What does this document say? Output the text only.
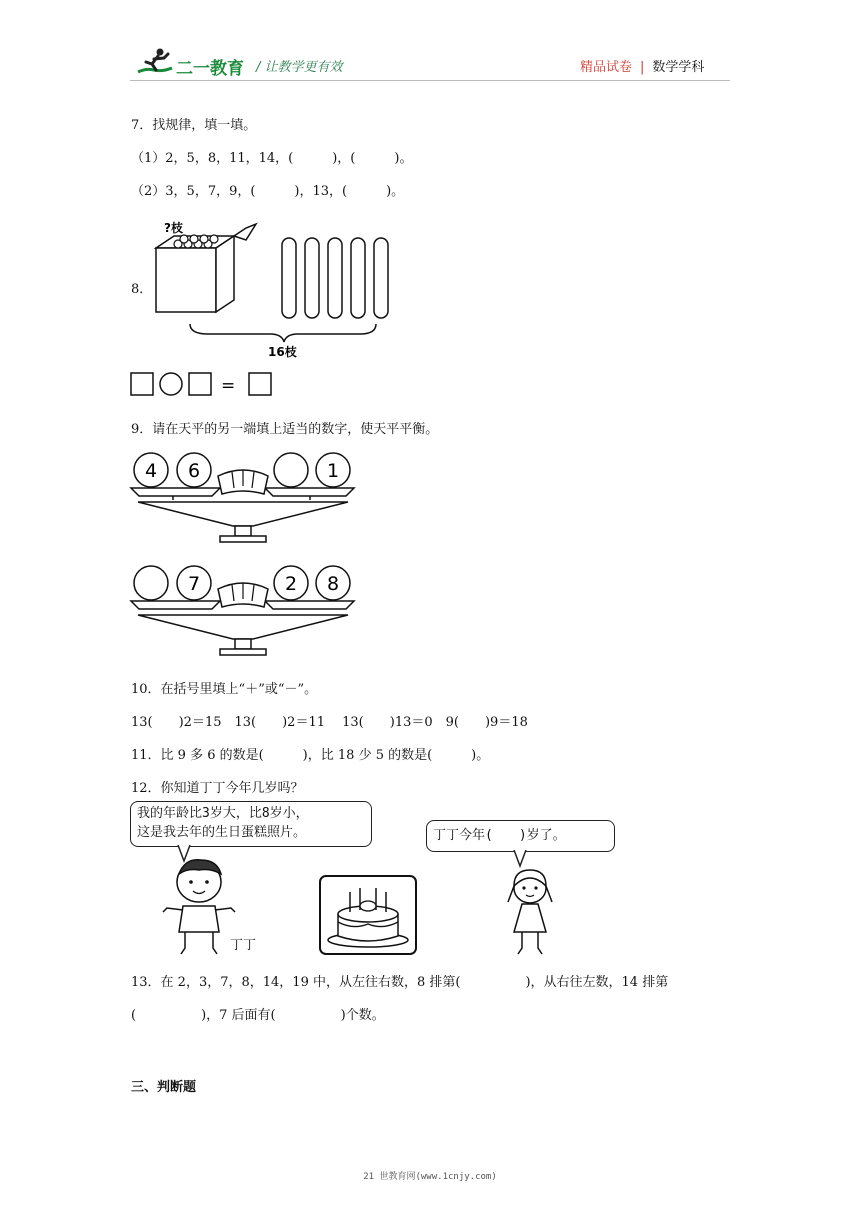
二一教育 / 让教学更有效	精品试卷 | 数学学科
7．找规律，填一填。
（1）2，5，8，11，14，(　　　)，(　　　)。
（2）3，5，7，9，(　　　)，13，(　　　)。
8．
?枝
16枝
=
9．请在天平的另一端填上适当的数字，使天平平衡。
4 6	1
7	2 8
10．在括号里填上“＋”或“－”。
13(　　)2＝15　13(　　)2＝11　 13(　　)13＝0　9(　　)9＝18
11．比 9 多 6 的数是(　　　)，比 18 少 5 的数是(　　　)。
12．你知道丁丁今年几岁吗？
我的年龄比3岁大，比8岁小，
这是我去年的生日蛋糕照片。	丁丁今年(　　)岁了。
丁丁
13．在 2，3，7，8，14，19 中，从左往右数，8 排第(　　　　　)，从右往左数，14 排第
(　　　　　)，7 后面有(　　　　　)个数。
三、判断题
21 世教育网(www.1cnjy.com)
